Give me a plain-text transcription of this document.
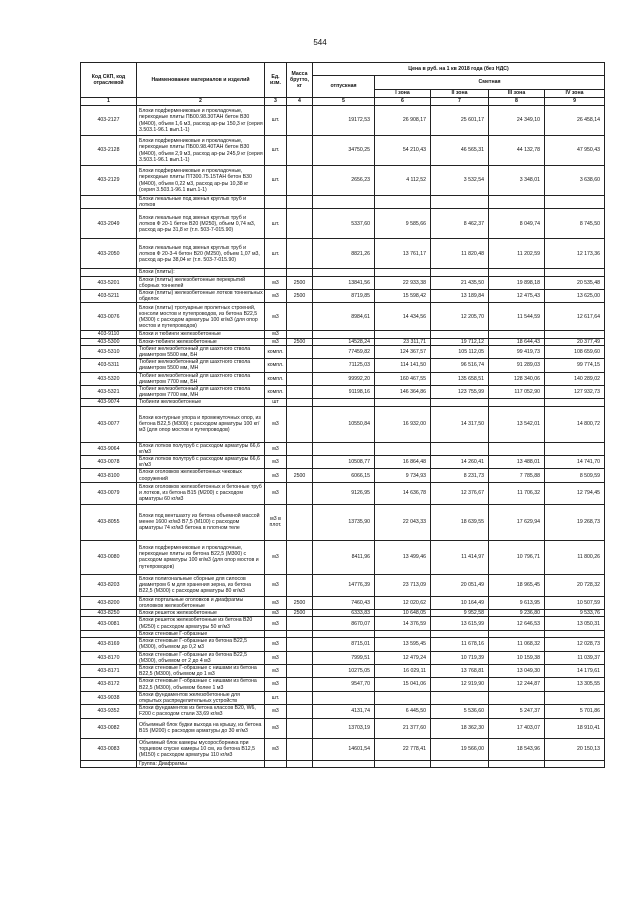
544
Код СКП, код отраслевой	Наименование материалов и изделий	Ед. изм.	Масса брутто, кг	Цена в руб. на 1 кв 2018 года (без НДС)				
				отпускная	Сметная			
					I зона	II зона	III зона	IV зона
1	2	3	4	5	6	7	8	9
403-2127	Блоки подфермениковые и прокладочные, переходные плиты ПБ00.98.30ТАН бетон В30 (М400), объем 1,6 м3, расход ар-ры 150,3 кг (серия 3.503.1-96.1 вып.1-1)	шт.		19172,53	26 908,17	25 601,17	24 349,10	26 458,14
403-2128	Блоки подфермениковые и прокладочные, переходные плиты ПБ00.98.40ТАН бетон В30 (М400), объем 2,9 м3, расход ар-ры 245,9 кг (серия 3.503.1-96.1 вып.1-1)	шт.		34750,25	54 210,43	46 565,31	44 132,78	47 950,43
403-2129	Блоки подфермениковые и прокладочные, переходные плиты ПТ300.75.15ТАН бетон В30 (М400), объем 0,22 м3, расход ар-ры 10,38 кг (серия 3.503.1-96.1 вып.1-1)	шт.		2656,23	4 112,52	3 532,54	3 348,01	3 638,60
	Блоки лекальные под звенья круглых труб и лотков							
403-2049	Блоки лекальные под звенья круглых труб и лотков Ф 20-1 бетон В20 (М250), объем 0,74 м3, расход ар-ры 31,8 кг (т.п. 503-7-015.90)	шт.		5337,60	9 585,66	8 462,37	8 049,74	8 745,50
403-2050	Блоки лекальные под звенья круглых труб и лотков Ф 20-3-4 бетон В20 (М250), объем 1,07 м3, расход ар-ры 38,04 кг (т.п. 503-7-015.90)	шт.		8821,26	13 761,17	11 820,48	11 202,59	12 173,36
	Блоки (плиты):							
403-5201	Блоки (плиты) железобетонные перекрытий сборных тоннелей	м3	2500	13841,56	22 933,38	21 435,50	19 898,18	20 535,48
403-5211	Блоки (плиты) железобетонные лотков тоннельных обделок	м3	2500	8719,85	15 598,42	13 189,84	12 475,43	13 625,00
403-0076	Блоки (плиты) тротуарные пролетных строений, консоли мостов и путепроводов, из бетона В22,5 (М300) с расходом арматуры 100 кг/м3 (для опор мостов и путепроводов)	м3		8984,61	14 434,56	12 205,70	11 544,59	12 617,64
403-9110	Блоки и тюбинги железобетонные	м3						
403-5300	Блоки-тюбинги железобетонные	м3	2500	14528,24	23 311,71	19 712,12	18 644,43	20 377,49
403-5310	Тюбинг железобетонный для шахтного ствола диаметром 5500 мм, БН	компл.		77459,82	124 367,57	105 112,05	99 419,73	108 659,60
403-5311	Тюбинг железобетонный для шахтного ствола диаметром 5500 мм, МН	компл.		71125,03	114 141,50	96 516,74	91 289,03	99 774,15
403-5320	Тюбинг железобетонный для шахтного ствола диаметром 7700 мм, БН	компл.		99992,20	160 467,55	135 658,51	128 340,06	140 289,02
403-5321	Тюбинг железобетонный для шахтного ствола диаметром 7700 мм, МН	компл.		91198,16	146 364,86	123 755,99	117 052,90	127 932,73
403-9074	Тюбинги железобетонные	шт						
403-0077	Блоки контурные упора и промежуточных опор, из бетона В22,5 (М300) с расходом арматуры 100 кг/м3 (для опор мостов и путепроводов)	м3		10550,84	16 932,00	14 317,50	13 542,01	14 800,72
403-9064	Блоки лотков полутруб с расходом арматуры 66,6 кг/м3	м3						
403-0078	Блоки лотков полутруб с расходом арматуры 66,6 кг/м3	м3		10508,77	16 864,48	14 260,41	13 488,01	14 741,70
403-8100	Блоки оголовков железобетонных чековых сооружений	м3	2500	6066,15	9 734,93	8 231,73	7 785,88	8 509,59
403-0079	Блоки оголовков железобетонных и бетонные труб и лотков, из бетона В15 (М200) с расходом арматуры 60 кг/м3	м3		9126,95	14 636,78	12 376,67	11 706,32	12 794,45
403-8055	Блоки под вентшахту из бетона объемной массой менее 1600 кг/м3 В7,5 (М100) с расходом арматуры 74 кг/м3 бетона в плотном теле	м3 в плот.		13735,90	22 043,33	18 639,55	17 629,94	19 268,73
403-0080	Блоки подфермениковые и прокладочные, переходные плиты из бетона В22,5 (М300) с расходом арматуры 100 кг/м3 (для опор мостов и путепроводов)	м3		8411,96	13 499,46	11 414,97	10 796,71	11 800,26
403-8203	Блоки полигональные сборные для силосов диаметром 6 м для хранения зерна, из бетона В22,5 (М300) с расходом арматуры 80 кг/м3	м3		14776,39	23 713,09	20 051,49	18 965,45	20 728,32
403-8200	Блоки портальные оголовков и диафрагмы оголовков железобетонные	м3	2500	7460,43	12 020,62	10 164,49	9 613,95	10 507,59
403-8250	Блоки решеток железобетонные	м3	2500	6333,83	10 648,05	9 952,58	9 236,80	9 533,76
403-0081	Блоки решеток железобетонные из бетона В20 (М250) с расходом арматуры 50 кг/м3	м3		8670,07	14 376,59	13 615,99	12 646,53	13 050,31
	Блоки стеновые Г-образные							
403-8169	Блоки стеновые Г-образные из бетона В22,5 (М300), объемом до 0,2 м3	м3		8715,01	13 595,45	11 678,16	11 068,32	12 028,73
403-8170	Блоки стеновые Г-образные из бетона В22,5 (М300), объемом от 2 до 4 м3	м3		7999,51	12 479,24	10 719,39	10 159,38	11 039,37
403-8171	Блоки стеновые Г-образные с нишами из бетона В22,5 (М300), объемом до 1 м3	м3		10275,05	16 029,11	13 768,81	13 049,30	14 179,61
403-8172	Блоки стеновые Г-образные с нишами из бетона В22,5 (М300), объемом более 1 м3	м3		9547,70	15 041,06	12 919,90	12 244,87	13 305,55
403-9038	Блоки фундаментов железобетонные для открытых распределительных устройств	шт.						
403-9352	Блоки фундаментов из бетона классов В20, W6, F200 с расходом стали 33,69 кг/м3	м3		4131,74	6 445,50	5 536,60	5 247,37	5 701,86
403-0082	Объемный блок будки выхода на крышу, из бетона В15 (М200) с расходом арматуры до 30 кг/м3	м3		13703,19	21 377,60	18 362,30	17 403,07	18 910,41
403-0083	Объемный блок камеры мусоросборника при торцевом спуске камеры 10 см, из бетона В12,5 (М150) с расходом арматуры 110 кг/м3	м3		14601,54	22 778,41	19 566,00	18 543,96	20 150,13
	Группа: Диафрагмы							
